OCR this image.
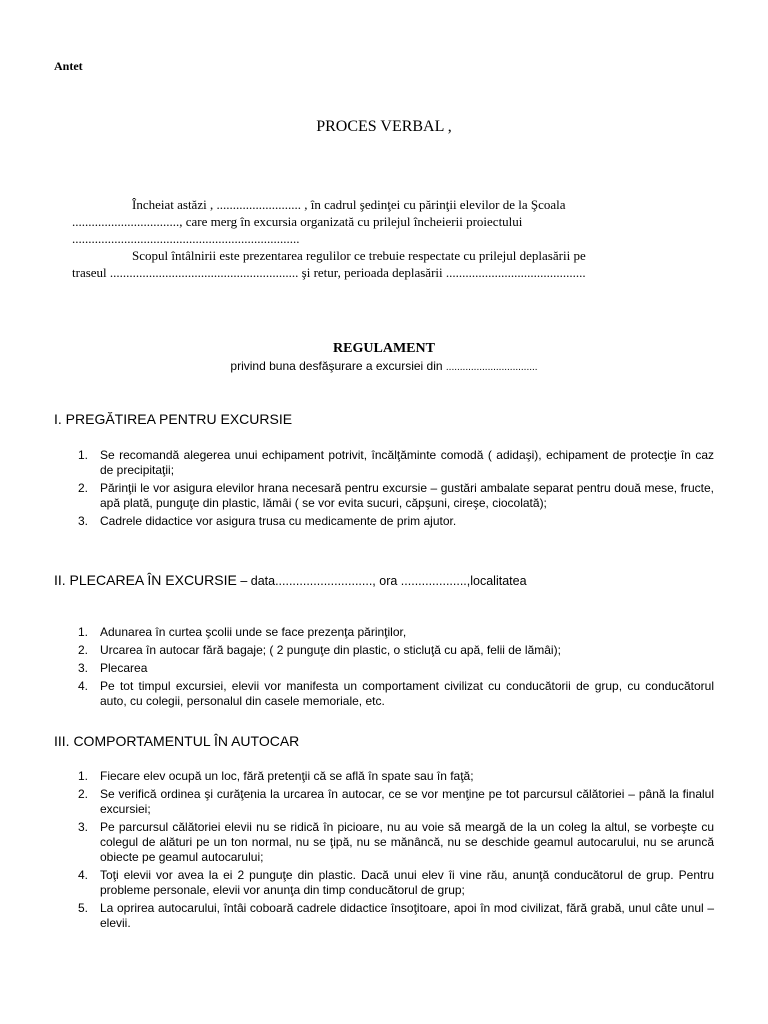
Antet
PROCES VERBAL ,

Încheiat astăzi , .......................... , în cadrul şedinţei cu părinţii elevilor de la Şcoala

................................., care merg în excursia organizată cu prilejul încheierii proiectului
......................................................................

Scopul întâlnirii este prezentarea regulilor ce trebuie respectate cu prilejul deplasării pe

traseul .......................................................... şi retur, perioada deplasării ...........................................

REGULAMENT
privind buna desfăşurare a excursiei din .................................
I. PREGĂTIREA PENTRU EXCURSIE
1. Se recomandă alegerea unui echipament potrivit, încălţăminte comodă ( adidaşi), echipament de protecţie în caz de precipitaţii;
2. Părinţii le vor asigura elevilor hrana necesară pentru excursie – gustări ambalate separat pentru două mese, fructe, apă plată, punguţe din plastic, lămâi ( se vor evita sucuri, căpşuni, cireşe, ciocolată);
3. Cadrele didactice vor asigura trusa cu medicamente de prim ajutor.
II. PLECAREA ÎN EXCURSIE – data............................, ora ...................,localitatea
1. Adunarea în curtea şcolii unde se face prezenţa părinţilor,
2. Urcarea în autocar fără bagaje; ( 2 punguţe din plastic, o sticluţă cu apă, felii de lămâi);
3. Plecarea
4. Pe tot timpul excursiei, elevii vor manifesta un comportament civilizat cu conducătorii de grup, cu conducătorul auto, cu colegii, personalul din casele memoriale, etc.
III. COMPORTAMENTUL ÎN AUTOCAR
1. Fiecare elev ocupă un loc, fără pretenţii că se află în spate sau în faţă;
2. Se verifică ordinea şi curăţenia la urcarea în autocar, ce se vor menţine pe tot parcursul călătoriei – până la finalul excursiei;
3. Pe parcursul călătoriei elevii nu se ridică în picioare, nu au voie să meargă de la un coleg la altul, se vorbeşte cu colegul de alături pe un ton normal, nu se ţipă, nu se mănâncă, nu se deschide geamul autocarului, nu se aruncă obiecte pe geamul autocarului;
4. Toţi elevii vor avea la ei 2 punguţe din plastic. Dacă unui elev îi vine rău, anunţă conducătorul de grup. Pentru probleme personale, elevii vor anunţa din timp conducătorul de grup;
5. La oprirea autocarului, întâi coboară cadrele didactice însoţitoare, apoi în mod civilizat, fără grabă, unul câte unul – elevii.
